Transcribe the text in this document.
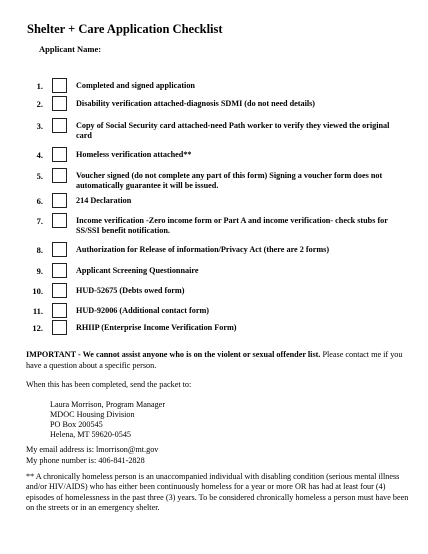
Shelter + Care Application Checklist
Applicant Name:
1.	Completed and signed application
2.	Disability verification attached-diagnosis SDMI (do not need details)
3.	Copy of Social Security card attached-need Path worker to verify they viewed the original card
4.	Homeless verification attached**
5.	Voucher signed (do not complete any part of this form) Signing a voucher form does not automatically guarantee it will be issued.
6.	214 Declaration
7.	Income verification -Zero income form or Part A and income verification- check stubs for SS/SSI benefit notification.
8.	Authorization for Release of information/Privacy Act (there are 2 forms)
9.	Applicant Screening Questionnaire
10.	HUD-52675 (Debts owed form)
11.	HUD-92006 (Additional contact form)
12.	RHIIP (Enterprise Income Verification Form)
IMPORTANT - We cannot assist anyone who is on the violent or sexual offender list. Please contact me if you have a question about a specific person.
When this has been completed, send the packet to:
Laura Morrison, Program Manager
MDOC Housing Division
PO Box 200545
Helena, MT 59620-0545
My email address is: lmorrison@mt.gov
My phone number is: 406-841-2828
** A chronically homeless person is an unaccompanied individual with disabling condition (serious mental illness and/or HIV/AIDS) who has either been continuously homeless for a year or more OR has had at least four (4) episodes of homelessness in the past three (3) years. To be considered chronically homeless a person must have been on the streets or in an emergency shelter.
